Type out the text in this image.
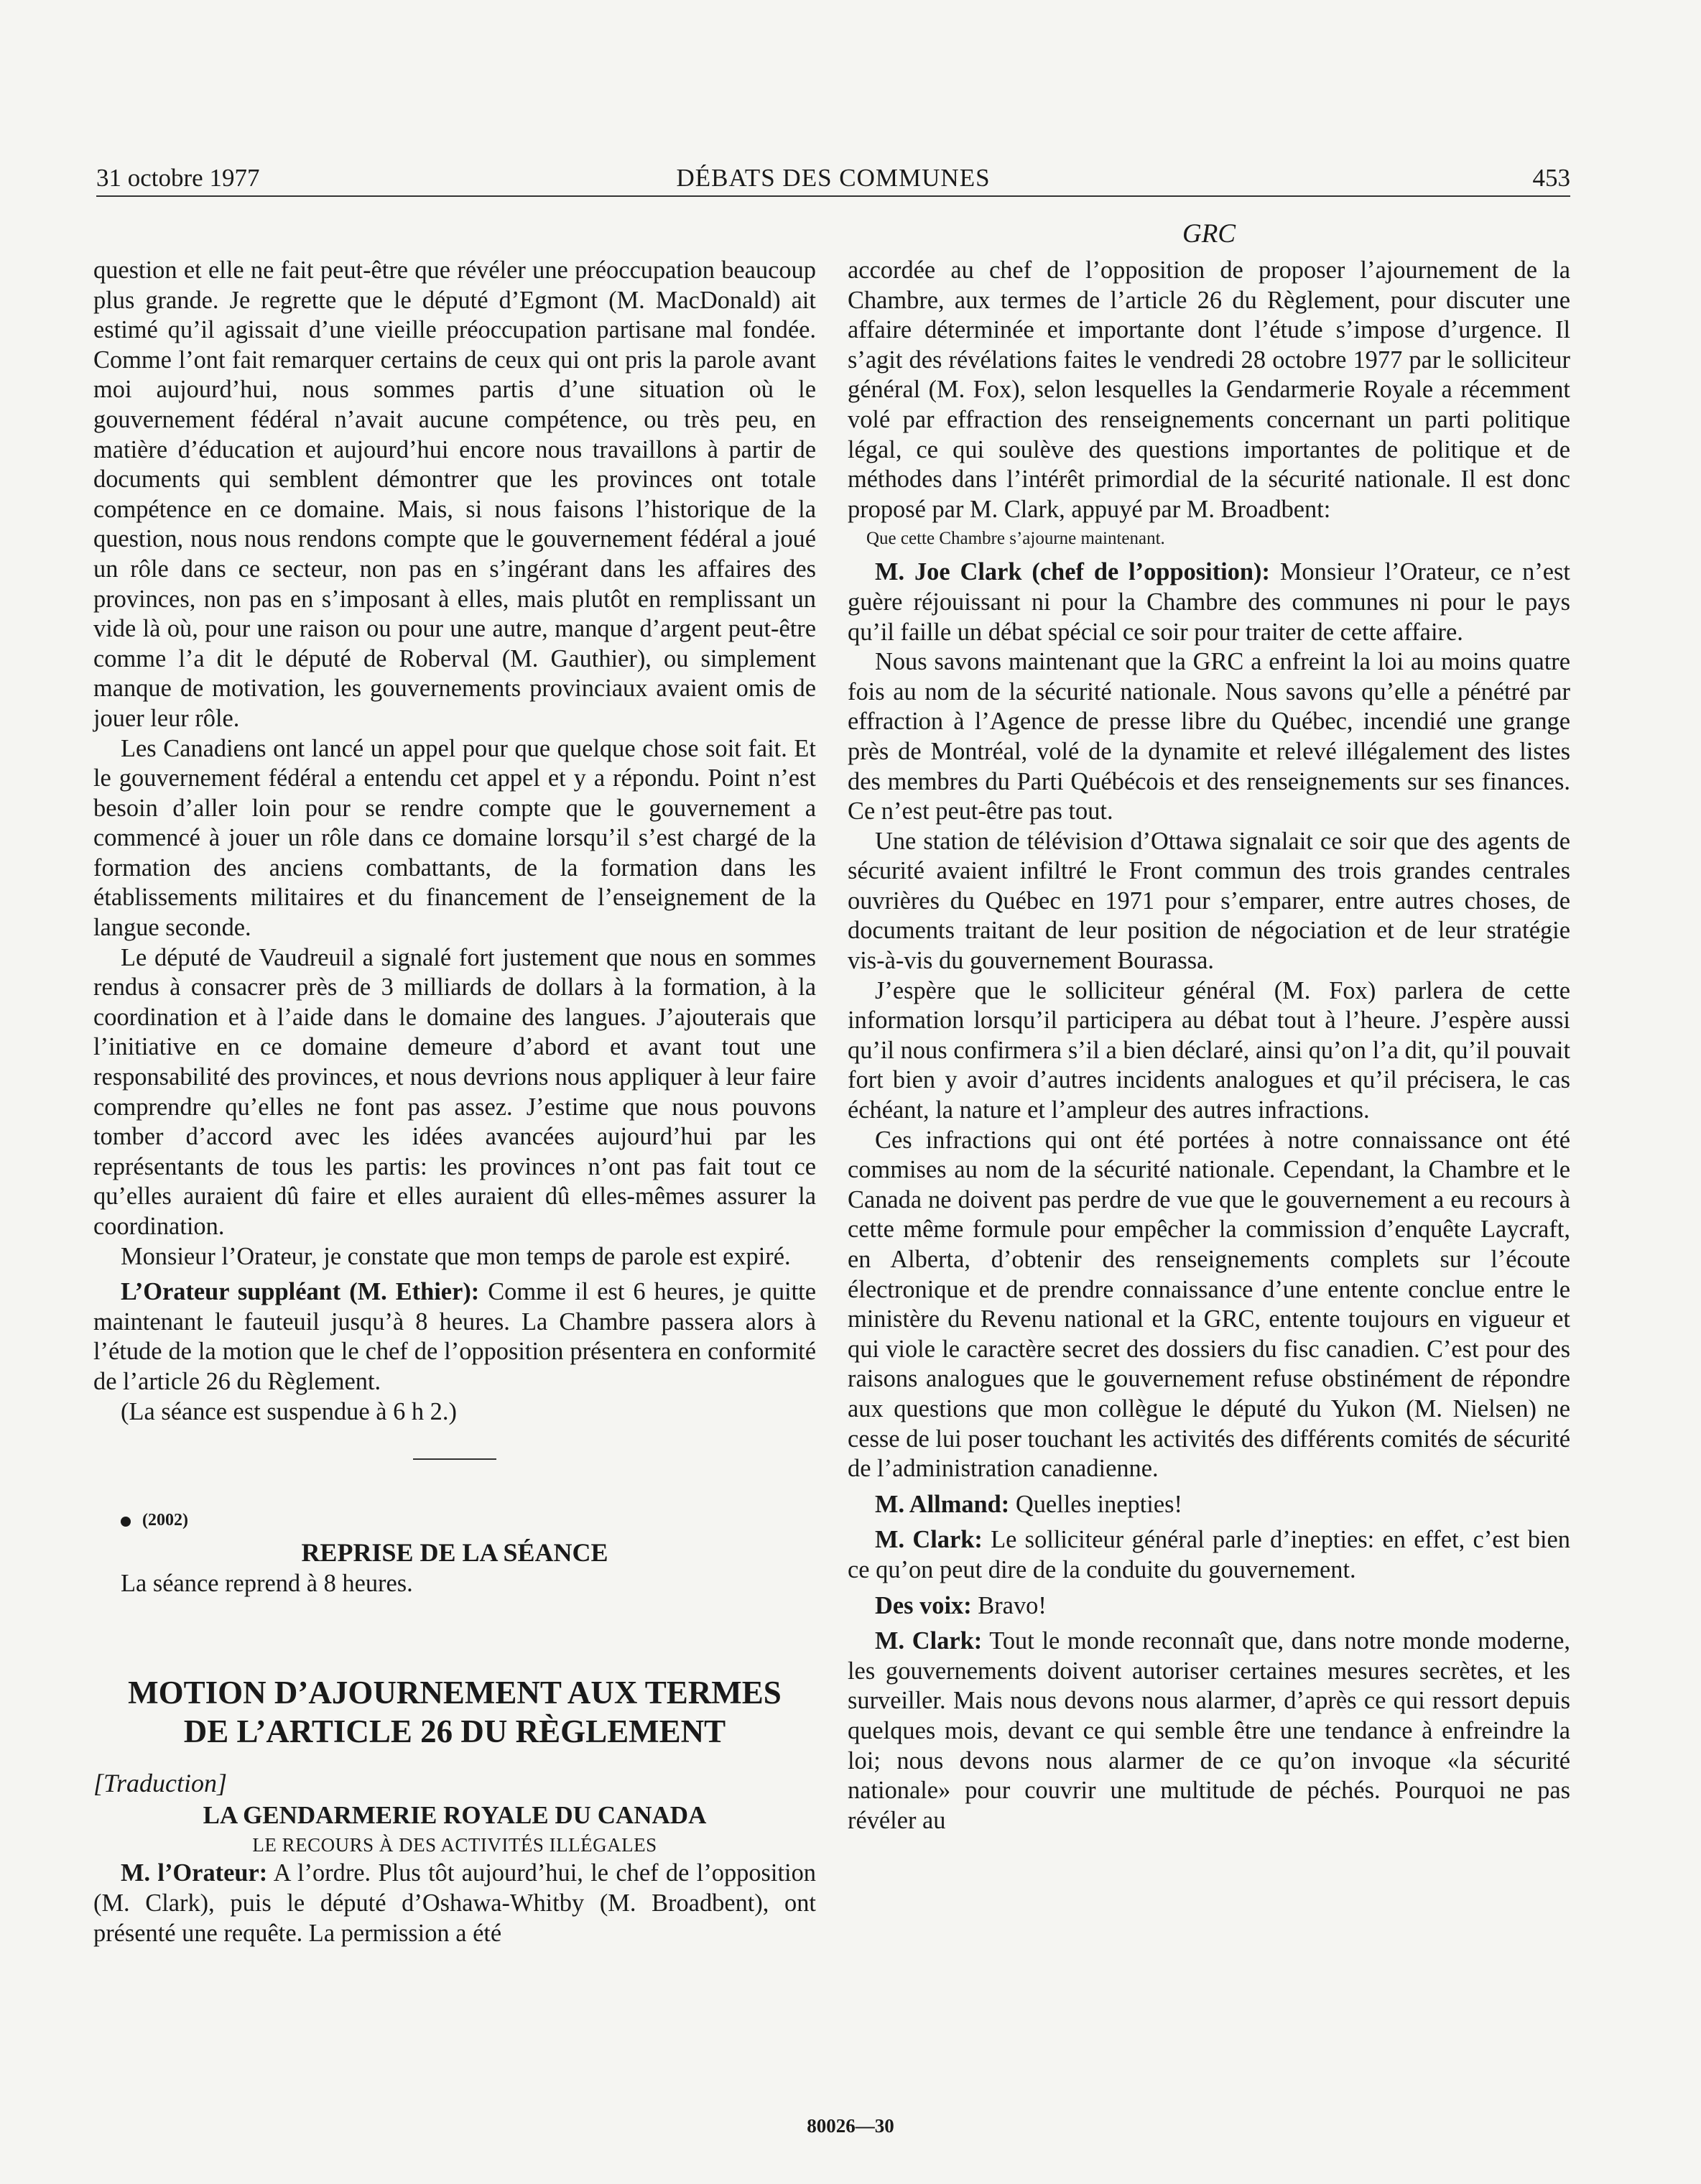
31 octobre 1977	DÉBATS DES COMMUNES	453
GRC

question et elle ne fait peut-être que révéler une préoccupation beaucoup plus grande. Je regrette que le député d’Egmont (M. MacDonald) ait estimé qu’il agissait d’une vieille préoccupation partisane mal fondée. Comme l’ont fait remarquer certains de ceux qui ont pris la parole avant moi aujourd’hui, nous sommes partis d’une situation où le gouvernement fédéral n’avait aucune compétence, ou très peu, en matière d’éducation et aujourd’hui encore nous travaillons à partir de documents qui semblent démontrer que les provinces ont totale compétence en ce domaine. Mais, si nous faisons l’historique de la question, nous nous rendons compte que le gouvernement fédéral a joué un rôle dans ce secteur, non pas en s’ingérant dans les affaires des provinces, non pas en s’imposant à elles, mais plutôt en remplissant un vide là où, pour une raison ou pour une autre, manque d’argent peut-être comme l’a dit le député de Roberval (M. Gauthier), ou simplement manque de motivation, les gouvernements provinciaux avaient omis de jouer leur rôle.

Les Canadiens ont lancé un appel pour que quelque chose soit fait. Et le gouvernement fédéral a entendu cet appel et y a répondu. Point n’est besoin d’aller loin pour se rendre compte que le gouvernement a commencé à jouer un rôle dans ce domaine lorsqu’il s’est chargé de la formation des anciens combattants, de la formation dans les établissements militaires et du financement de l’enseignement de la langue seconde.

Le député de Vaudreuil a signalé fort justement que nous en sommes rendus à consacrer près de 3 milliards de dollars à la formation, à la coordination et à l’aide dans le domaine des langues. J’ajouterais que l’initiative en ce domaine demeure d’abord et avant tout une responsabilité des provinces, et nous devrions nous appliquer à leur faire comprendre qu’elles ne font pas assez. J’estime que nous pouvons tomber d’accord avec les idées avancées aujourd’hui par les représentants de tous les partis: les provinces n’ont pas fait tout ce qu’elles auraient dû faire et elles auraient dû elles-mêmes assurer la coordination.

Monsieur l’Orateur, je constate que mon temps de parole est expiré.

L’Orateur suppléant (M. Ethier): Comme il est 6 heures, je quitte maintenant le fauteuil jusqu’à 8 heures. La Chambre passera alors à l’étude de la motion que le chef de l’opposition présentera en conformité de l’article 26 du Règlement.

(La séance est suspendue à 6 h 2.)

(2002)

REPRISE DE LA SÉANCE

La séance reprend à 8 heures.

MOTION D’AJOURNEMENT AUX TERMES
DE L’ARTICLE 26 DU RÈGLEMENT

[Traduction]

LA GENDARMERIE ROYALE DU CANADA

LE RECOURS À DES ACTIVITÉS ILLÉGALES

M. l’Orateur: A l’ordre. Plus tôt aujourd’hui, le chef de l’opposition (M. Clark), puis le député d’Oshawa-Whitby (M. Broadbent), ont présenté une requête. La permission a été

accordée au chef de l’opposition de proposer l’ajournement de la Chambre, aux termes de l’article 26 du Règlement, pour discuter une affaire déterminée et importante dont l’étude s’impose d’urgence. Il s’agit des révélations faites le vendredi 28 octobre 1977 par le solliciteur général (M. Fox), selon lesquelles la Gendarmerie Royale a récemment volé par effraction des renseignements concernant un parti politique légal, ce qui soulève des questions importantes de politique et de méthodes dans l’intérêt primordial de la sécurité nationale. Il est donc proposé par M. Clark, appuyé par M. Broadbent:

Que cette Chambre s’ajourne maintenant.

M. Joe Clark (chef de l’opposition): Monsieur l’Orateur, ce n’est guère réjouissant ni pour la Chambre des communes ni pour le pays qu’il faille un débat spécial ce soir pour traiter de cette affaire.

Nous savons maintenant que la GRC a enfreint la loi au moins quatre fois au nom de la sécurité nationale. Nous savons qu’elle a pénétré par effraction à l’Agence de presse libre du Québec, incendié une grange près de Montréal, volé de la dynamite et relevé illégalement des listes des membres du Parti Québécois et des renseignements sur ses finances. Ce n’est peut-être pas tout.

Une station de télévision d’Ottawa signalait ce soir que des agents de sécurité avaient infiltré le Front commun des trois grandes centrales ouvrières du Québec en 1971 pour s’emparer, entre autres choses, de documents traitant de leur position de négociation et de leur stratégie vis-à-vis du gouvernement Bourassa.

J’espère que le solliciteur général (M. Fox) parlera de cette information lorsqu’il participera au débat tout à l’heure. J’espère aussi qu’il nous confirmera s’il a bien déclaré, ainsi qu’on l’a dit, qu’il pouvait fort bien y avoir d’autres incidents analogues et qu’il précisera, le cas échéant, la nature et l’ampleur des autres infractions.

Ces infractions qui ont été portées à notre connaissance ont été commises au nom de la sécurité nationale. Cependant, la Chambre et le Canada ne doivent pas perdre de vue que le gouvernement a eu recours à cette même formule pour empêcher la commission d’enquête Laycraft, en Alberta, d’obtenir des renseignements complets sur l’écoute électronique et de prendre connaissance d’une entente conclue entre le ministère du Revenu national et la GRC, entente toujours en vigueur et qui viole le caractère secret des dossiers du fisc canadien. C’est pour des raisons analogues que le gouvernement refuse obstinément de répondre aux questions que mon collègue le député du Yukon (M. Nielsen) ne cesse de lui poser touchant les activités des différents comités de sécurité de l’administration canadienne.

M. Allmand: Quelles inepties!

M. Clark: Le solliciteur général parle d’inepties: en effet, c’est bien ce qu’on peut dire de la conduite du gouvernement.

Des voix: Bravo!

M. Clark: Tout le monde reconnaît que, dans notre monde moderne, les gouvernements doivent autoriser certaines mesures secrètes, et les surveiller. Mais nous devons nous alarmer, d’après ce qui ressort depuis quelques mois, devant ce qui semble être une tendance à enfreindre la loi; nous devons nous alarmer de ce qu’on invoque «la sécurité nationale» pour couvrir une multitude de péchés. Pourquoi ne pas révéler au

80026—30
